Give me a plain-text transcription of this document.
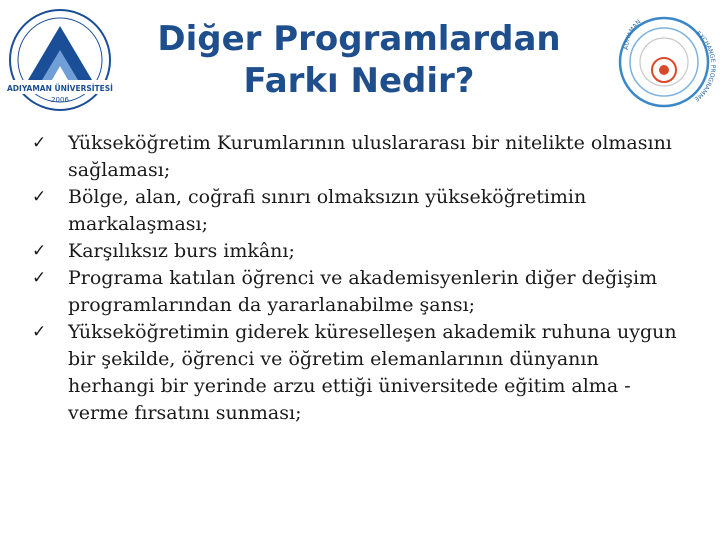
ADIYAMAN ÜNİVERSİTESİ
2006
ADIYAMAN
EXCHANGE PROGRAMME
Diğer Programlardan
Farkı Nedir?
✓ Yükseköğretim Kurumlarının uluslararası bir nitelikte olmasını sağlaması;
✓ Bölge, alan, coğrafi sınırı olmaksızın yükseköğretimin markalaşması;
✓ Karşılıksız burs imkânı;
✓ Programa katılan öğrenci ve akademisyenlerin diğer değişim programlarından da yararlanabilme şansı;
✓ Yükseköğretimin giderek küreselleşen akademik ruhuna uygun bir şekilde, öğrenci ve öğretim elemanlarının dünyanın herhangi bir yerinde arzu ettiği üniversitede eğitim alma - verme fırsatını sunması;
